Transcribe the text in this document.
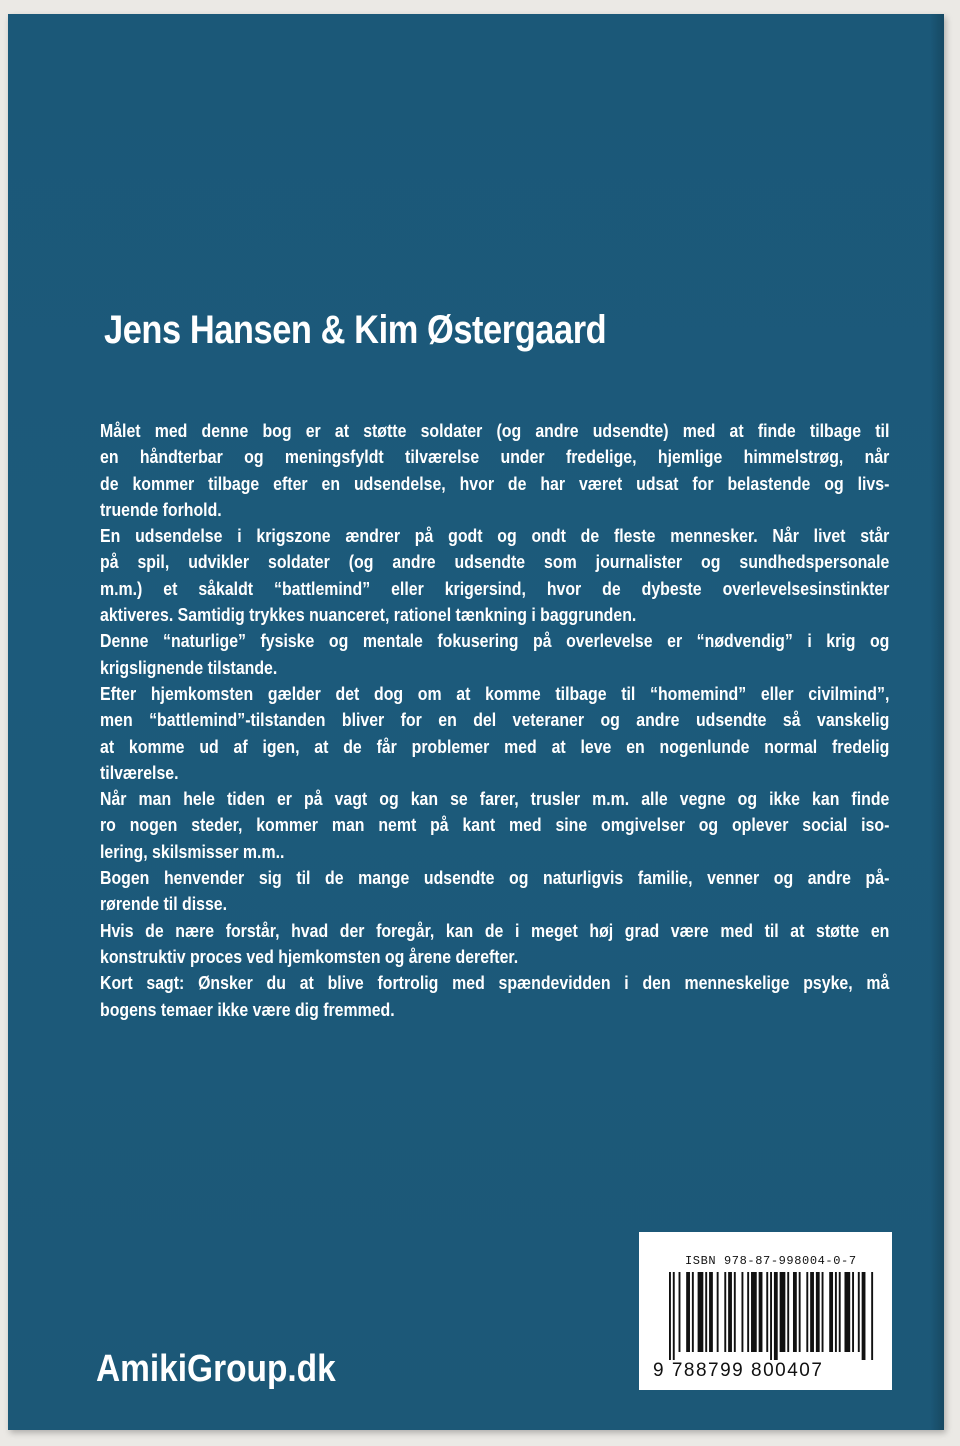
Jens Hansen & Kim Østergaard
Målet med denne bog er at støtte soldater (og andre udsendte) med at finde tilbage til
en håndterbar og meningsfyldt tilværelse under fredelige, hjemlige himmelstrøg, når
de kommer tilbage efter en udsendelse, hvor de har været udsat for belastende og livs-
truende forhold.
En udsendelse i krigszone ændrer på godt og ondt de fleste mennesker. Når livet står
på spil, udvikler soldater (og andre udsendte som journalister og sundhedspersonale
m.m.) et såkaldt “battlemind” eller krigersind, hvor de dybeste overlevelsesinstinkter
aktiveres. Samtidig trykkes nuanceret, rationel tænkning i baggrunden.
Denne “naturlige” fysiske og mentale fokusering på overlevelse er “nødvendig” i krig og
krigslignende tilstande.
Efter hjemkomsten gælder det dog om at komme tilbage til “homemind” eller civilmind”,
men “battlemind”-tilstanden bliver for en del veteraner og andre udsendte så vanskelig
at komme ud af igen, at de får problemer med at leve en nogenlunde normal fredelig
tilværelse.
Når man hele tiden er på vagt og kan se farer, trusler m.m. alle vegne og ikke kan finde
ro nogen steder, kommer man nemt på kant med sine omgivelser og oplever social iso-
lering, skilsmisser m.m..
Bogen henvender sig til de mange udsendte og naturligvis familie, venner og andre på-
rørende til disse.
Hvis de nære forstår, hvad der foregår, kan de i meget høj grad være med til at støtte en
konstruktiv proces ved hjemkomsten og årene derefter.
Kort sagt: Ønsker du at blive fortrolig med spændevidden i den menneskelige psyke, må
bogens temaer ikke være dig fremmed.
AmikiGroup.dk
ISBN 978-87-998004-0-7
9 788799 800407
